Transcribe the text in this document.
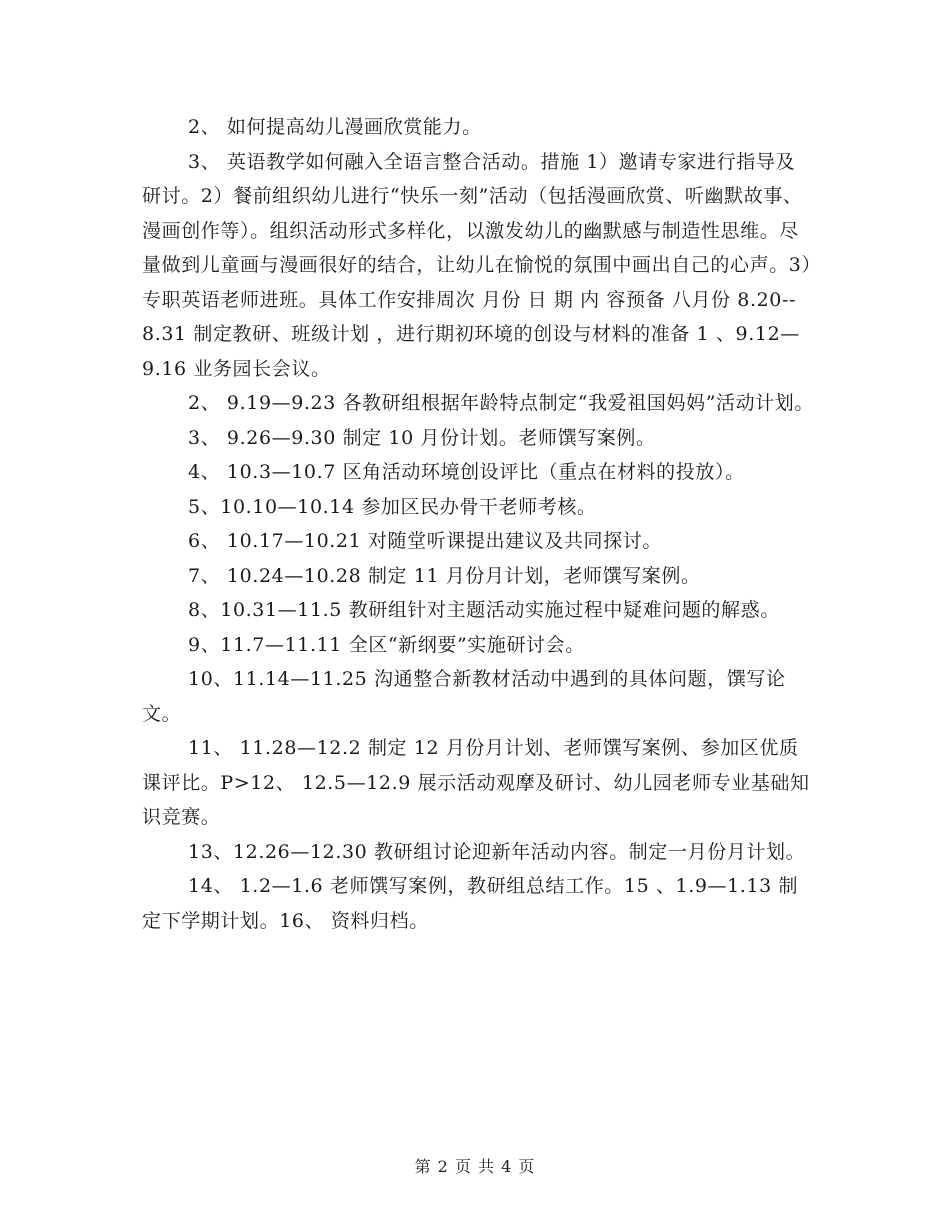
2、 如何提高幼儿漫画欣赏能力。

3、 英语教学如何融入全语言整合活动。措施 1）邀请专家进行指导及研讨。2）餐前组织幼儿进行“快乐一刻”活动（包括漫画欣赏、听幽默故事、漫画创作等）。组织活动形式多样化，以激发幼儿的幽默感与制造性思维。尽量做到儿童画与漫画很好的结合，让幼儿在愉悦的氛围中画出自己的心声。3）专职英语老师进班。具体工作安排周次 月份 日 期 内 容预备 八月份 8.20--8.31 制定教研、班级计划 ，进行期初环境的创设与材料的准备 1 、9.12—9.16 业务园长会议。

2、 9.19—9.23 各教研组根据年龄特点制定“我爱祖国妈妈”活动计划。

3、 9.26—9.30 制定 10 月份计划。老师馔写案例。

4、 10.3—10.7 区角活动环境创设评比（重点在材料的投放）。

5、10.10—10.14 参加区民办骨干老师考核。

6、 10.17—10.21 对随堂听课提出建议及共同探讨。

7、 10.24—10.28 制定 11 月份月计划，老师馔写案例。

8、10.31—11.5 教研组针对主题活动实施过程中疑难问题的解惑。

9、11.7—11.11 全区“新纲要”实施研讨会。

10、11.14—11.25 沟通整合新教材活动中遇到的具体问题，馔写论文。

11、 11.28—12.2 制定 12 月份月计划、老师馔写案例、参加区优质课评比。P>12、 12.5—12.9 展示活动观摩及研讨、幼儿园老师专业基础知识竞赛。

13、12.26—12.30 教研组讨论迎新年活动内容。制定一月份月计划。

14、 1.2—1.6 老师馔写案例，教研组总结工作。15 、1.9—1.13 制定下学期计划。16、 资料归档。

第 2 页 共 4 页
